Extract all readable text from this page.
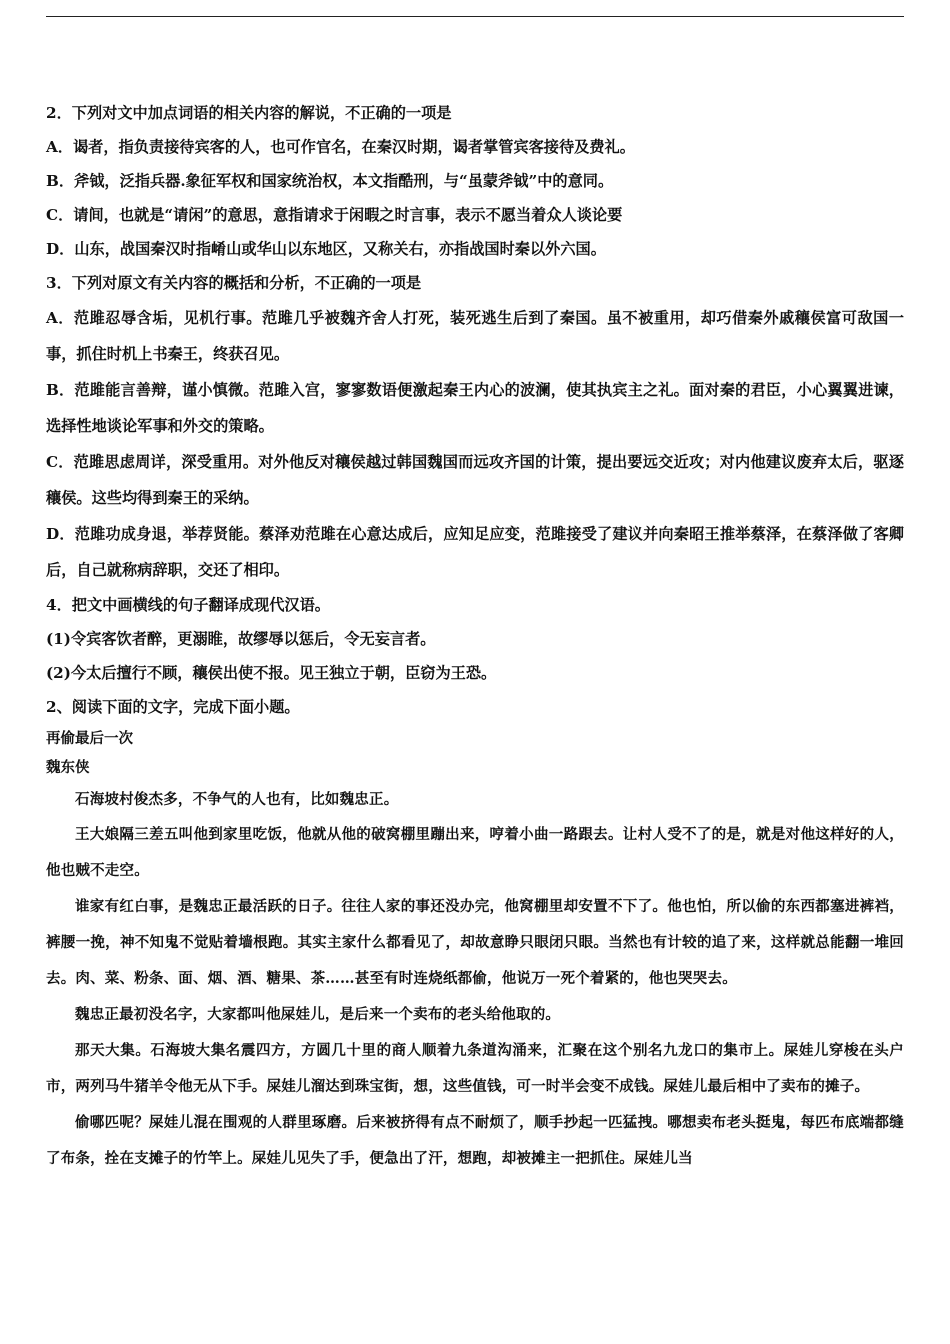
2．下列对文中加点词语的相关内容的解说，不正确的一项是
A．谒者，指负责接待宾客的人，也可作官名，在秦汉时期，谒者掌管宾客接待及费礼。
B．斧钺，泛指兵器.象征军权和国家统治权，本文指酷刑，与“虽蒙斧钺”中的意同。
C．请间，也就是“请闲”的意思，意指请求于闲暇之时言事，表示不愿当着众人谈论要
D．山东，战国秦汉时指崤山或华山以东地区，又称关右，亦指战国时秦以外六国。
3．下列对原文有关内容的概括和分析，不正确的一项是
A．范雎忍辱含垢，见机行事。范雎几乎被魏齐舍人打死，装死逃生后到了秦国。虽不被重用，却巧借秦外戚穰侯富可敌国一事，抓住时机上书秦王，终获召见。
B．范雎能言善辩，谨小慎微。范雎入宫，寥寥数语便激起秦王内心的波澜，使其执宾主之礼。面对秦的君臣，小心翼翼进谏，选择性地谈论军事和外交的策略。
C．范雎思虑周详，深受重用。对外他反对穰侯越过韩国魏国而远攻齐国的计策，提出要远交近攻；对内他建议废弃太后，驱逐穰侯。这些均得到秦王的采纳。
D．范雎功成身退，举荐贤能。蔡泽劝范雎在心意达成后，应知足应变，范雎接受了建议并向秦昭王推举蔡泽，在蔡泽做了客卿后，自己就称病辞职，交还了相印。
4．把文中画横线的句子翻译成现代汉语。
(1)令宾客饮者醉，更溺睢，故缪辱以惩后，令无妄言者。
(2)今太后擅行不顾，穰侯出使不报。见王独立于朝，臣窃为王恐。
2、阅读下面的文字，完成下面小题。
再偷最后一次
魏东侠
石海坡村俊杰多，不争气的人也有，比如魏忠正。
王大娘隔三差五叫他到家里吃饭，他就从他的破窝棚里蹦出来，哼着小曲一路跟去。让村人受不了的是，就是对他这样好的人，他也贼不走空。
谁家有红白事，是魏忠正最活跃的日子。往往人家的事还没办完，他窝棚里却安置不下了。他也怕，所以偷的东西都塞进裤裆，裤腰一挽，神不知鬼不觉贴着墙根跑。其实主家什么都看见了，却故意睁只眼闭只眼。当然也有计较的追了来，这样就总能翻一堆回去。肉、菜、粉条、面、烟、酒、糖果、茶……甚至有时连烧纸都偷，他说万一死个着紧的，他也哭哭去。
魏忠正最初没名字，大家都叫他屎娃儿，是后来一个卖布的老头给他取的。
那天大集。石海坡大集名震四方，方圆几十里的商人顺着九条道沟涌来，汇聚在这个别名九龙口的集市上。屎娃儿穿梭在头户市，两列马牛猪羊令他无从下手。屎娃儿溜达到珠宝街，想，这些值钱，可一时半会变不成钱。屎娃儿最后相中了卖布的摊子。
偷哪匹呢？屎娃儿混在围观的人群里琢磨。后来被挤得有点不耐烦了，顺手抄起一匹猛拽。哪想卖布老头挺鬼，每匹布底端都缝了布条，拴在支摊子的竹竿上。屎娃儿见失了手，便急出了汗，想跑，却被摊主一把抓住。屎娃儿当
